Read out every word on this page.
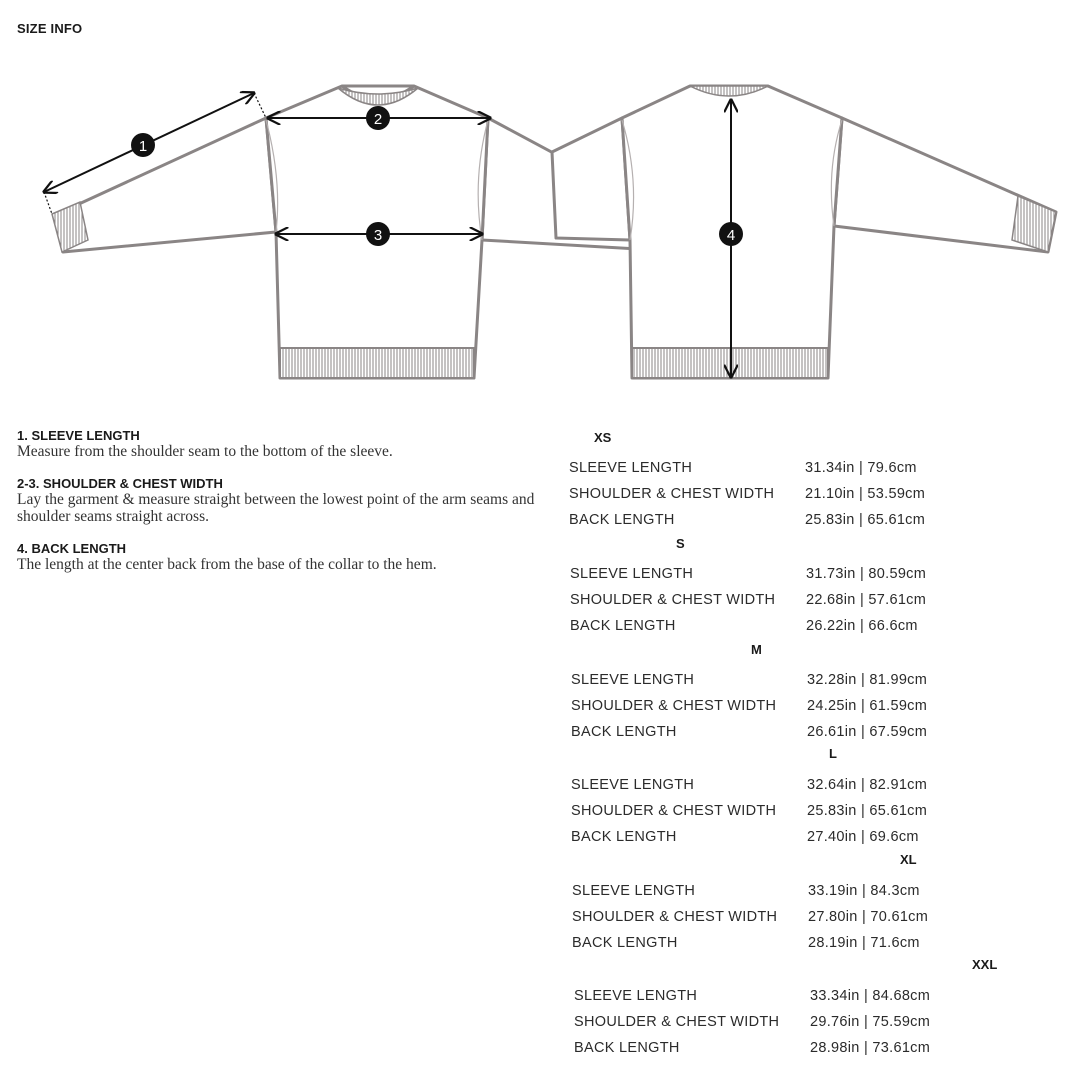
SIZE INFO
1
2
3	4
1. SLEEVE LENGTH
Measure from the shoulder seam to the bottom of the sleeve.
2-3. SHOULDER & CHEST WIDTH
Lay the garment & measure straight between the lowest point of the arm seams and shoulder seams straight across.
4. BACK LENGTH
The length at the center back from the base of the collar to the hem.
XS
SLEEVE LENGTH	31.34in | 79.6cm
SHOULDER & CHEST WIDTH 21.10in | 53.59cm
BACK LENGTH	25.83in | 65.61cm
S
SLEEVE LENGTH	31.73in | 80.59cm
SHOULDER & CHEST WIDTH 22.68in | 57.61cm
BACK LENGTH	26.22in | 66.6cm
M
SLEEVE LENGTH	32.28in | 81.99cm
SHOULDER & CHEST WIDTH 24.25in | 61.59cm
BACK LENGTH	26.61in | 67.59cm
L
SLEEVE LENGTH	32.64in | 82.91cm
SHOULDER & CHEST WIDTH 25.83in | 65.61cm
BACK LENGTH	27.40in | 69.6cm
XL
SLEEVE LENGTH	33.19in | 84.3cm
SHOULDER & CHEST WIDTH 27.80in | 70.61cm
BACK LENGTH	28.19in | 71.6cm
XXL
SLEEVE LENGTH	33.34in | 84.68cm
SHOULDER & CHEST WIDTH 29.76in | 75.59cm
BACK LENGTH	28.98in | 73.61cm
